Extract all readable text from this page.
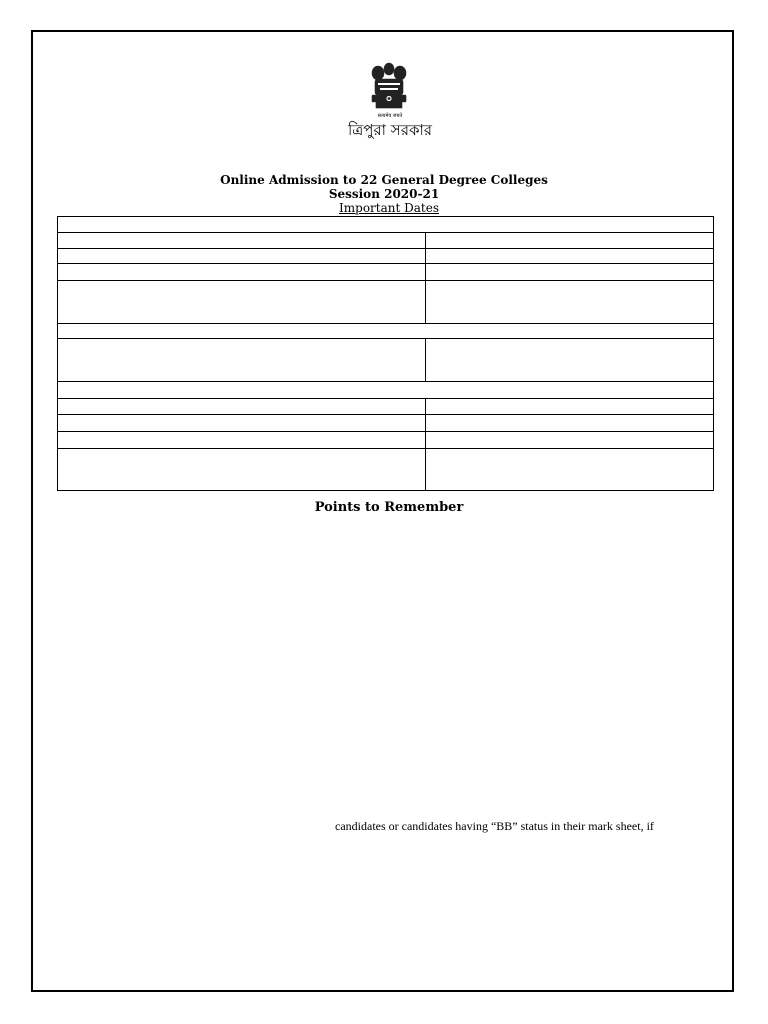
सत्यमेव जयते
ত্রিপুরা সরকার
Online Admission to 22 General Degree Colleges
Session 2020-21
Important Dates

Points to Remember
candidates or candidates having “BB” status in their mark sheet, if
